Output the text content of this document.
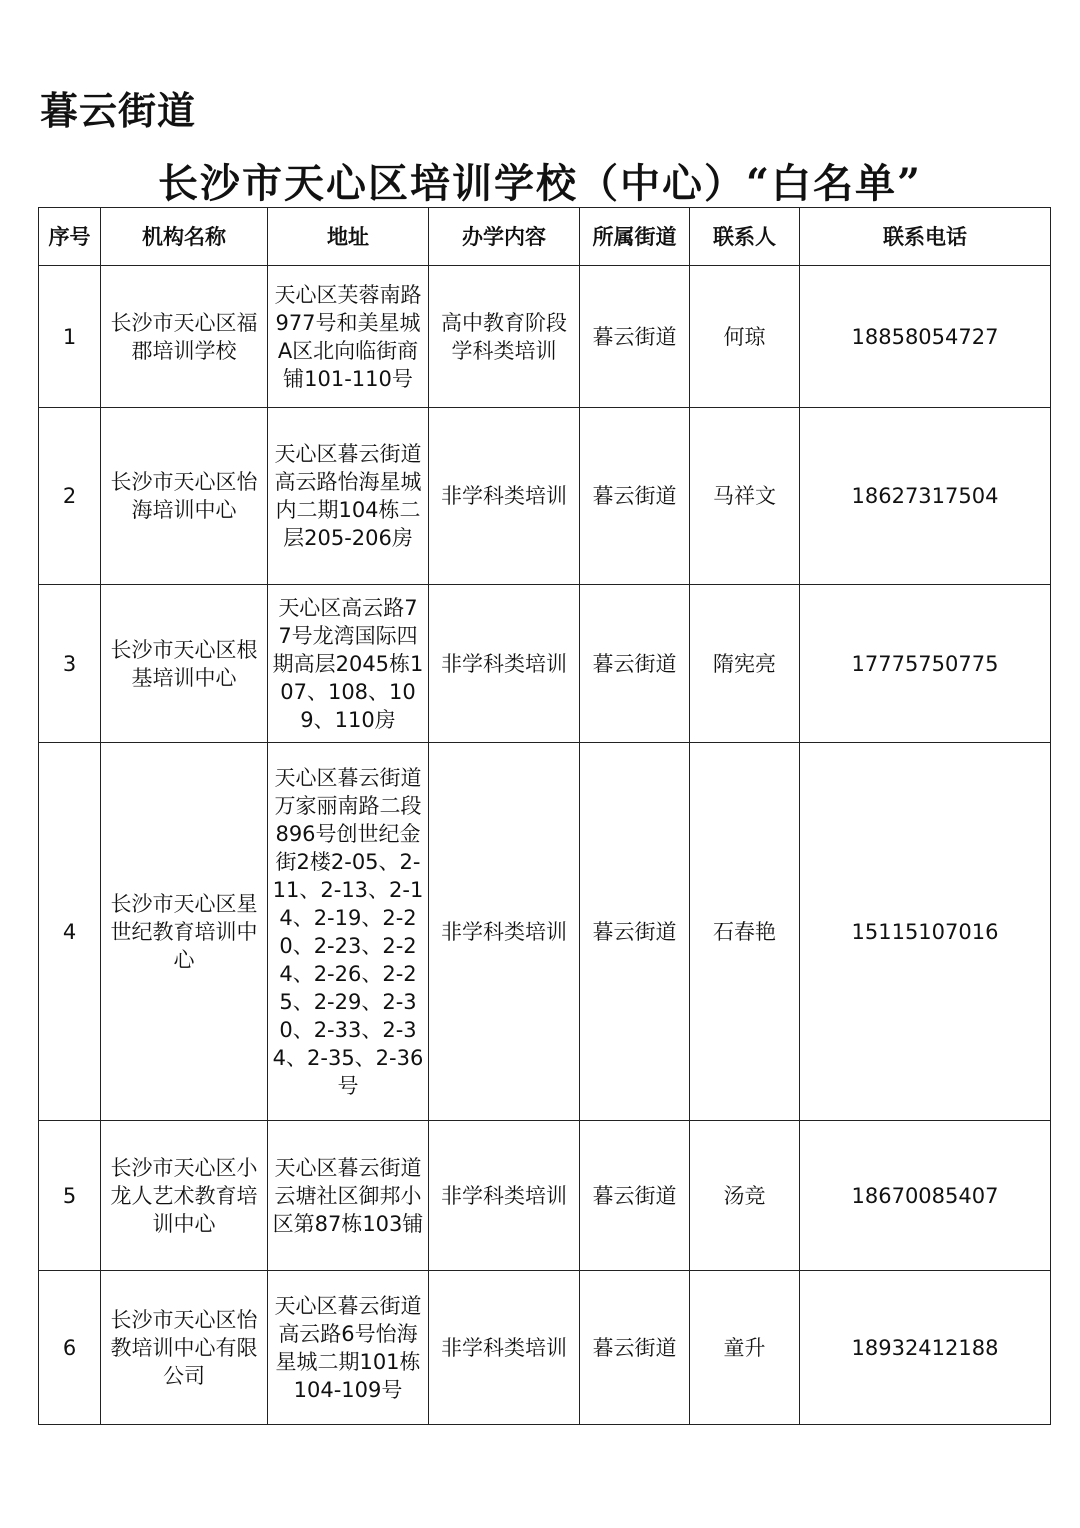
暮云街道
长沙市天心区培训学校（中心）“白名单”
序号	机构名称	地址	办学内容	所属街道	联系人	联系电话
1	长沙市天心区福郡培训学校	天心区芙蓉南路977号和美星城A区北向临街商铺101-110号	高中教育阶段学科类培训	暮云街道	何琼	18858054727
2	长沙市天心区怡海培训中心	天心区暮云街道高云路怡海星城内二期104栋二层205-206房	非学科类培训	暮云街道	马祥文	18627317504
3	长沙市天心区根基培训中心	天心区高云路77号龙湾国际四期高层2045栋107、108、109、110房	非学科类培训	暮云街道	隋宪亮	17775750775
4	长沙市天心区星世纪教育培训中心	天心区暮云街道万家丽南路二段896号创世纪金街2楼2-05、2-11、2-13、2-14、2-19、2-20、2-23、2-24、2-26、2-25、2-29、2-30、2-33、2-34、2-35、2-36号	非学科类培训	暮云街道	石春艳	15115107016
5	长沙市天心区小龙人艺术教育培训中心	天心区暮云街道云塘社区御邦小区第87栋103铺	非学科类培训	暮云街道	汤竞	18670085407
6	长沙市天心区怡教培训中心有限公司	天心区暮云街道高云路6号怡海星城二期101栋104-109号	非学科类培训	暮云街道	童升	18932412188
